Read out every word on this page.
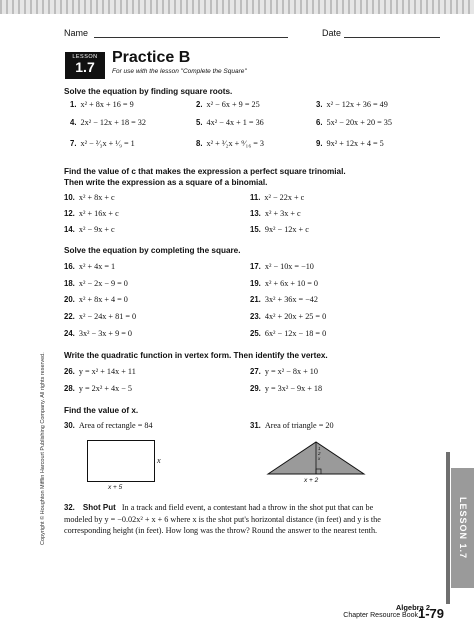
Name	Date
LESSON
1.7
Practice B
For use with the lesson "Complete the Square"
Solve the equation by finding square roots.
1. x² + 8x + 16 = 9	2. x² − 6x + 9 = 25	3. x² − 12x + 36 = 49
4. 2x² − 12x + 18 = 32	5. 4x² − 4x + 1 = 36	6. 5x² − 20x + 20 = 35
7. x² − ²⁄₃x + ¹⁄₉ = 1	8. x² + ³⁄₂x + ⁹⁄₁₆ = 3	9. 9x² + 12x + 4 = 5
Find the value of c that makes the expression a perfect square trinomial.
Then write the expression as a square of a binomial.
10. x² + 8x + c	11. x² − 22x + c
12. x² + 16x + c	13. x² + 3x + c
14. x² − 9x + c	15. 9x² − 12x + c
Solve the equation by completing the square.
16. x² + 4x = 1	17. x² − 10x = −10
18. x² − 2x − 9 = 0	19. x² + 6x + 10 = 0
20. x² + 8x + 4 = 0	21. 3x² + 36x = −42
22. x² − 24x + 81 = 0	23. 4x² + 20x + 25 = 0
24. 3x² − 3x + 9 = 0	25. 6x² − 12x − 18 = 0
Write the quadratic function in vertex form. Then identify the vertex.
26. y = x² + 14x + 11	27. y = x² − 8x + 10
28. y = 2x² + 4x − 5	29. y = 3x² − 9x + 18
Find the value of x.
30. Area of rectangle = 84	31. Area of triangle = 20
x
x + 5
1
2
x
x + 2
32. Shot Put In a track and field event, a contestant had a throw in the shot put that can be modeled by y = −0.02x² + x + 6 where x is the shot put's horizontal distance (in feet) and y is the corresponding height (in feet). How long was the throw? Round the answer to the nearest tenth.	LESSON 1.7
Copyright © Houghton Mifflin Harcourt Publishing Company. All rights reserved.
Algebra 2
Chapter Resource Book 1-79
